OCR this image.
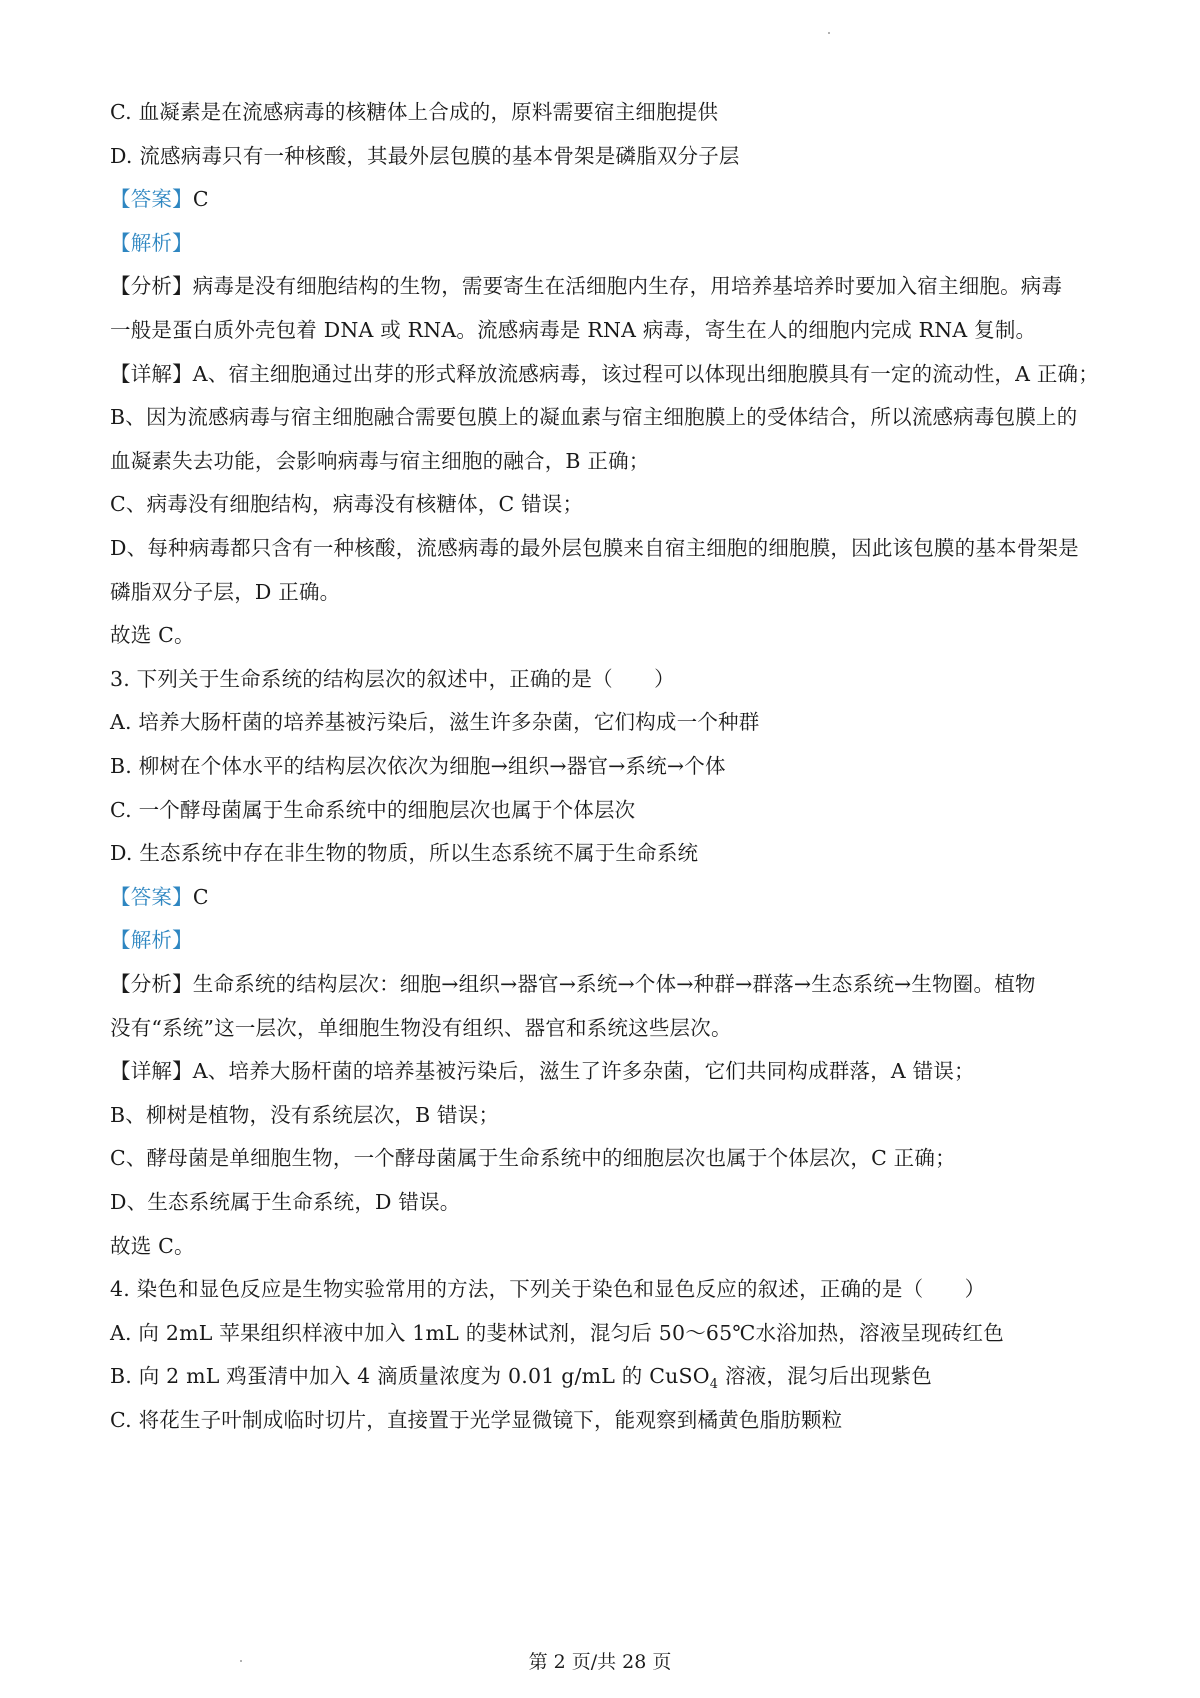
C. 血凝素是在流感病毒的核糖体上合成的，原料需要宿主细胞提供
D. 流感病毒只有一种核酸，其最外层包膜的基本骨架是磷脂双分子层
【答案】C
【解析】
【分析】病毒是没有细胞结构的生物，需要寄生在活细胞内生存，用培养基培养时要加入宿主细胞。病毒
一般是蛋白质外壳包着 DNA 或 RNA。流感病毒是 RNA 病毒，寄生在人的细胞内完成 RNA 复制。
【详解】A、宿主细胞通过出芽的形式释放流感病毒，该过程可以体现出细胞膜具有一定的流动性，A 正确；
B、因为流感病毒与宿主细胞融合需要包膜上的凝血素与宿主细胞膜上的受体结合，所以流感病毒包膜上的
血凝素失去功能，会影响病毒与宿主细胞的融合，B 正确；
C、病毒没有细胞结构，病毒没有核糖体，C 错误；
D、每种病毒都只含有一种核酸，流感病毒的最外层包膜来自宿主细胞的细胞膜，因此该包膜的基本骨架是
磷脂双分子层，D 正确。
故选 C。
3. 下列关于生命系统的结构层次的叙述中，正确的是（　　）
A. 培养大肠杆菌的培养基被污染后，滋生许多杂菌，它们构成一个种群
B. 柳树在个体水平的结构层次依次为细胞→组织→器官→系统→个体
C. 一个酵母菌属于生命系统中的细胞层次也属于个体层次
D. 生态系统中存在非生物的物质，所以生态系统不属于生命系统
【答案】C
【解析】
【分析】生命系统的结构层次：细胞→组织→器官→系统→个体→种群→群落→生态系统→生物圈。植物
没有“系统”这一层次，单细胞生物没有组织、器官和系统这些层次。
【详解】A、培养大肠杆菌的培养基被污染后，滋生了许多杂菌，它们共同构成群落，A 错误；
B、柳树是植物，没有系统层次，B 错误；
C、酵母菌是单细胞生物，一个酵母菌属于生命系统中的细胞层次也属于个体层次，C 正确；
D、生态系统属于生命系统，D 错误。
故选 C。
4. 染色和显色反应是生物实验常用的方法，下列关于染色和显色反应的叙述，正确的是（　　）
A. 向 2mL 苹果组织样液中加入 1mL 的斐林试剂，混匀后 50～65℃水浴加热，溶液呈现砖红色
B. 向 2 mL 鸡蛋清中加入 4 滴质量浓度为 0.01 g/mL 的 CuSO$_4$ 溶液，混匀后出现紫色
C. 将花生子叶制成临时切片，直接置于光学显微镜下，能观察到橘黄色脂肪颗粒
第 2 页/共 28 页
